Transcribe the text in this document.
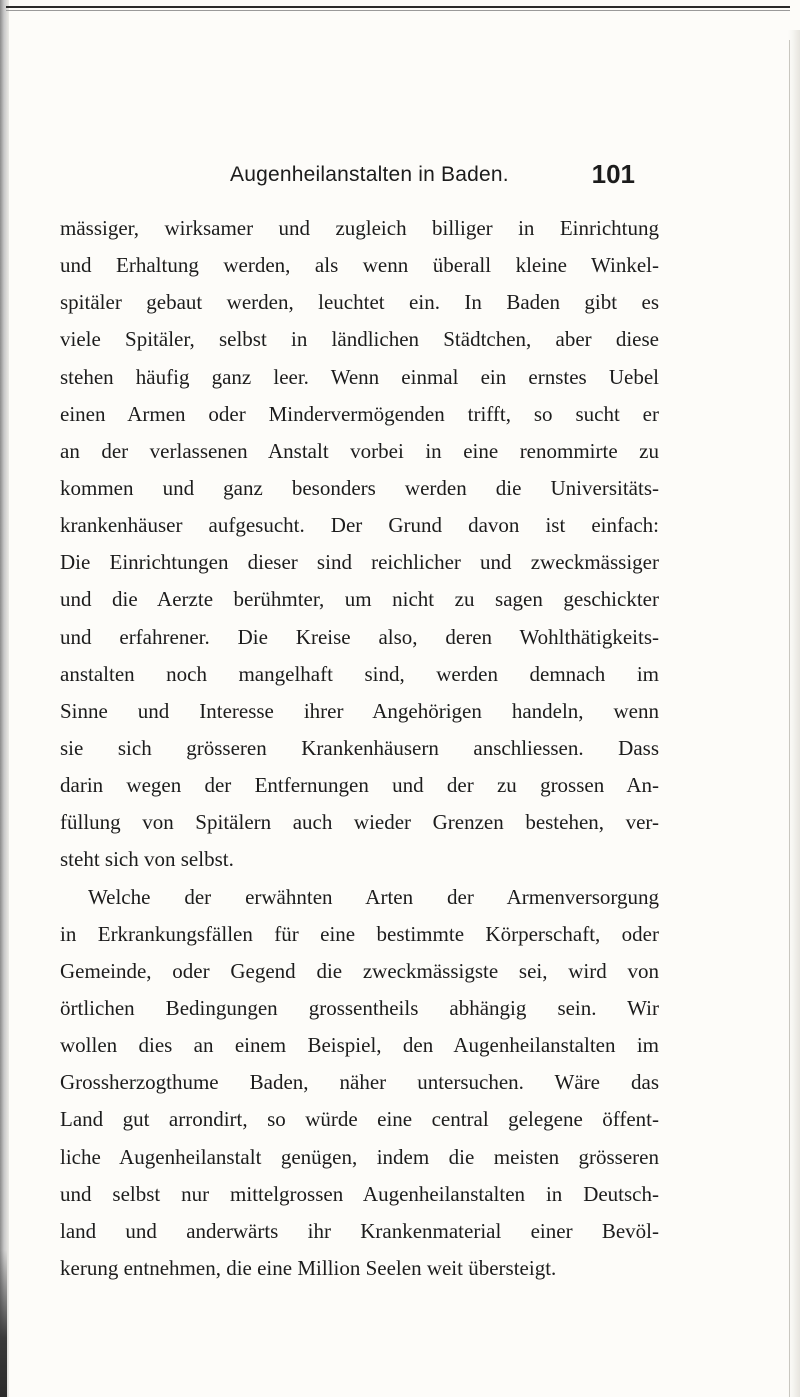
Augenheilanstalten in Baden.	101
mässiger, wirksamer und zugleich billiger in Einrichtung
und Erhaltung werden, als wenn überall kleine Winkel-
spitäler gebaut werden, leuchtet ein. In Baden gibt es
viele Spitäler, selbst in ländlichen Städtchen, aber diese
stehen häufig ganz leer. Wenn einmal ein ernstes Uebel
einen Armen oder Mindervermögenden trifft, so sucht er
an der verlassenen Anstalt vorbei in eine renommirte zu
kommen und ganz besonders werden die Universitäts-
krankenhäuser aufgesucht. Der Grund davon ist einfach:
Die Einrichtungen dieser sind reichlicher und zweckmässiger
und die Aerzte berühmter, um nicht zu sagen geschickter
und erfahrener. Die Kreise also, deren Wohlthätigkeits-
anstalten noch mangelhaft sind, werden demnach im
Sinne und Interesse ihrer Angehörigen handeln, wenn
sie sich grösseren Krankenhäusern anschliessen. Dass
darin wegen der Entfernungen und der zu grossen An-
füllung von Spitälern auch wieder Grenzen bestehen, ver-
steht sich von selbst.
Welche der erwähnten Arten der Armenversorgung
in Erkrankungsfällen für eine bestimmte Körperschaft, oder
Gemeinde, oder Gegend die zweckmässigste sei, wird von
örtlichen Bedingungen grossentheils abhängig sein. Wir
wollen dies an einem Beispiel, den Augenheilanstalten im
Grossherzogthume Baden, näher untersuchen. Wäre das
Land gut arrondirt, so würde eine central gelegene öffent-
liche Augenheilanstalt genügen, indem die meisten grösseren
und selbst nur mittelgrossen Augenheilanstalten in Deutsch-
land und anderwärts ihr Krankenmaterial einer Bevöl-
kerung entnehmen, die eine Million Seelen weit übersteigt.
